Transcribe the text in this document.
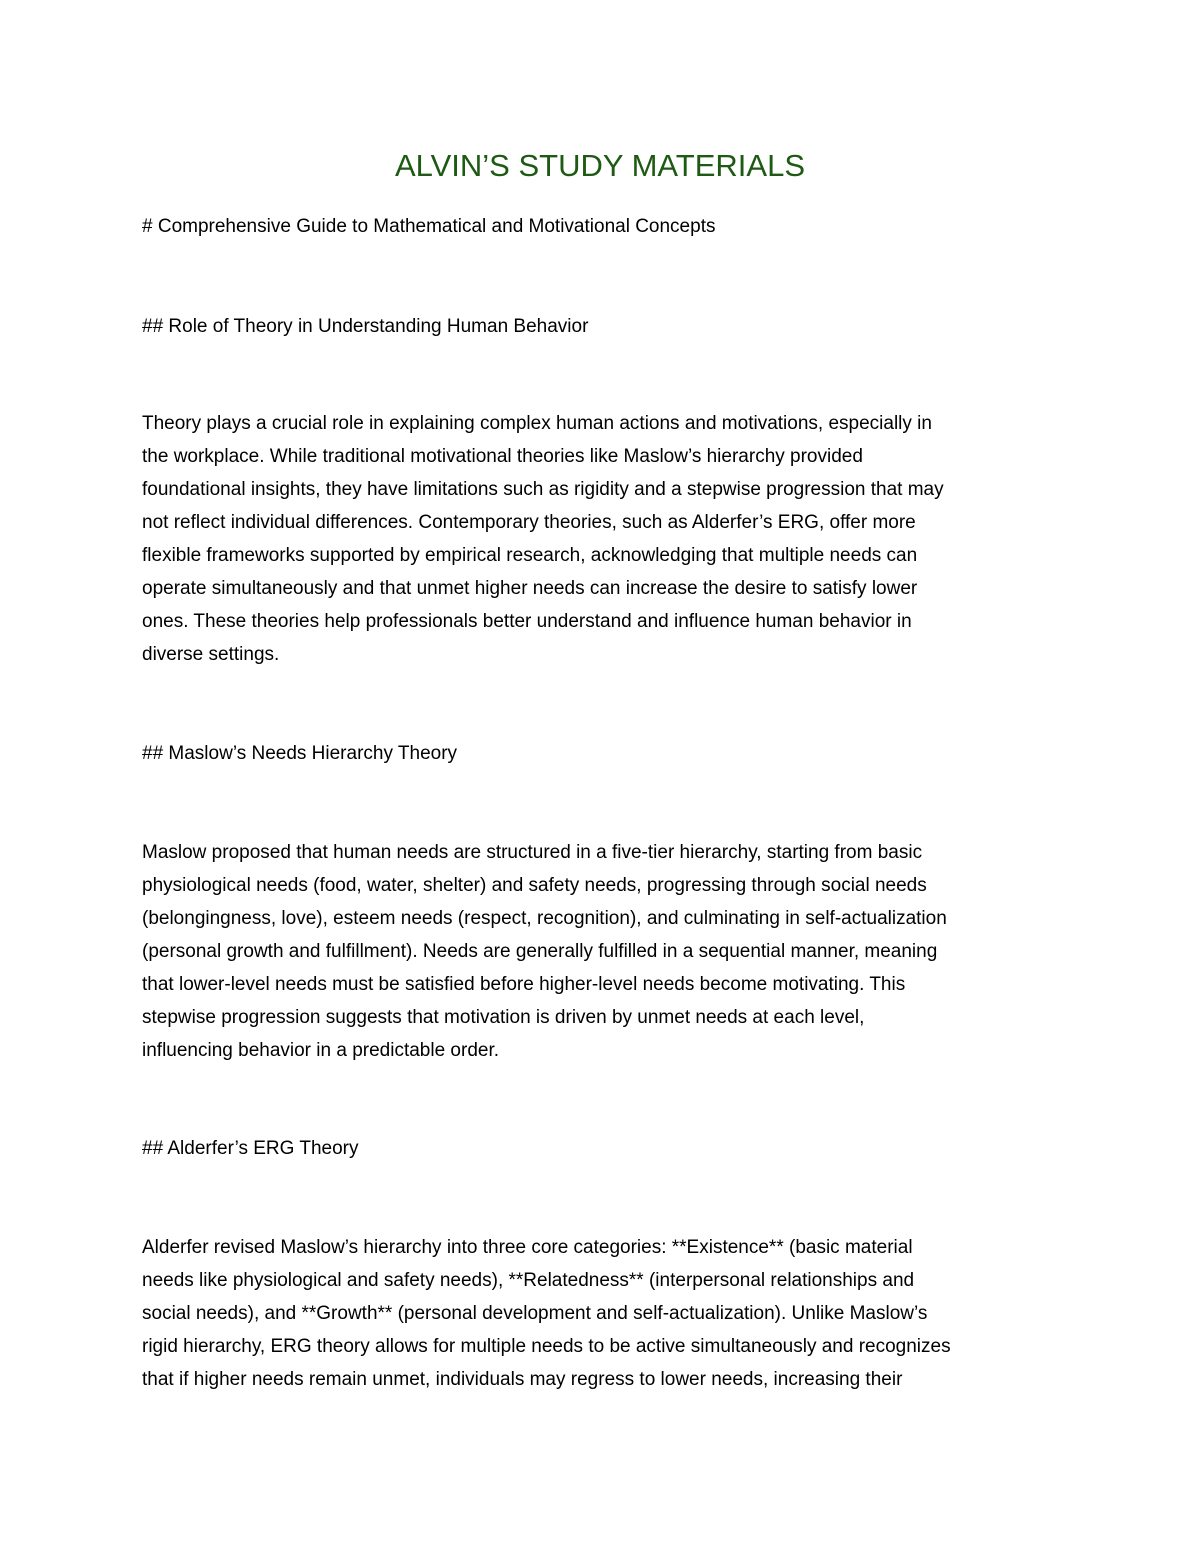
ALVIN’S STUDY MATERIALS
# Comprehensive Guide to Mathematical and Motivational Concepts
## Role of Theory in Understanding Human Behavior
Theory plays a crucial role in explaining complex human actions and motivations, especially in
the workplace. While traditional motivational theories like Maslow’s hierarchy provided
foundational insights, they have limitations such as rigidity and a stepwise progression that may
not reflect individual differences. Contemporary theories, such as Alderfer’s ERG, offer more
flexible frameworks supported by empirical research, acknowledging that multiple needs can
operate simultaneously and that unmet higher needs can increase the desire to satisfy lower
ones. These theories help professionals better understand and influence human behavior in
diverse settings.
## Maslow’s Needs Hierarchy Theory
Maslow proposed that human needs are structured in a five-tier hierarchy, starting from basic
physiological needs (food, water, shelter) and safety needs, progressing through social needs
(belongingness, love), esteem needs (respect, recognition), and culminating in self-actualization
(personal growth and fulfillment). Needs are generally fulfilled in a sequential manner, meaning
that lower-level needs must be satisfied before higher-level needs become motivating. This
stepwise progression suggests that motivation is driven by unmet needs at each level,
influencing behavior in a predictable order.
## Alderfer’s ERG Theory
Alderfer revised Maslow’s hierarchy into three core categories: **Existence** (basic material
needs like physiological and safety needs), **Relatedness** (interpersonal relationships and
social needs), and **Growth** (personal development and self-actualization). Unlike Maslow’s
rigid hierarchy, ERG theory allows for multiple needs to be active simultaneously and recognizes
that if higher needs remain unmet, individuals may regress to lower needs, increasing their
